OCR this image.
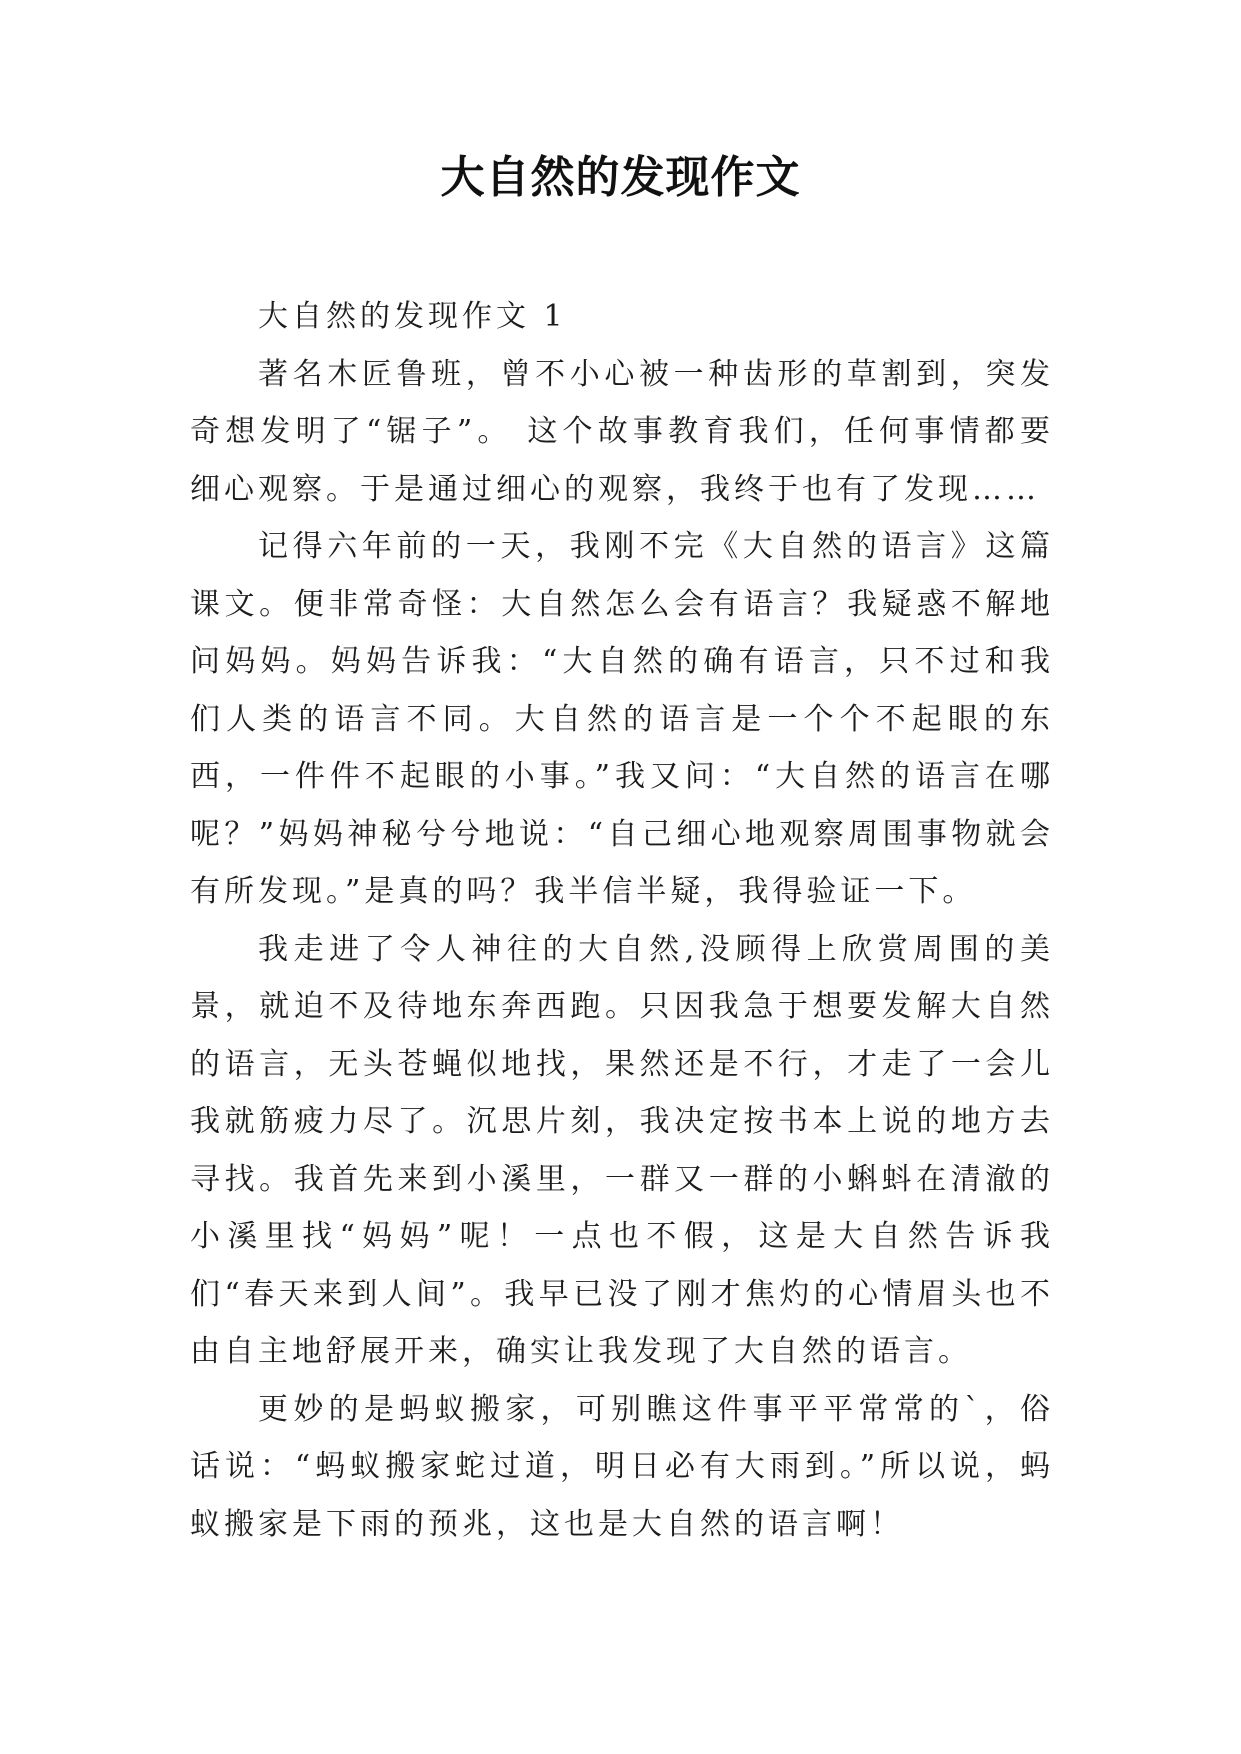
大自然的发现作文

大自然的发现作文 1

著名木匠鲁班，曾不小心被一种齿形的草割到，突发奇想发明了“锯子”。 这个故事教育我们，任何事情都要细心观察。于是通过细心的观察，我终于也有了发现……

记得六年前的一天，我刚不完《大自然的语言》这篇课文。便非常奇怪：大自然怎么会有语言？我疑惑不解地问妈妈。妈妈告诉我：“大自然的确有语言，只不过和我们人类的语言不同。大自然的语言是一个个不起眼的东西，一件件不起眼的小事。”我又问：“大自然的语言在哪呢？”妈妈神秘兮兮地说：“自己细心地观察周围事物就会有所发现。”是真的吗？我半信半疑，我得验证一下。

我走进了令人神往的大自然,没顾得上欣赏周围的美景，就迫不及待地东奔西跑。只因我急于想要发解大自然的语言，无头苍蝇似地找，果然还是不行，才走了一会儿我就筋疲力尽了。沉思片刻，我决定按书本上说的地方去寻找。我首先来到小溪里，一群又一群的小蝌蚪在清澈的小溪里找“妈妈”呢！一点也不假，这是大自然告诉我们“春天来到人间”。我早已没了刚才焦灼的心情眉头也不由自主地舒展开来，确实让我发现了大自然的语言。

更妙的是蚂蚁搬家，可别瞧这件事平平常常的`，俗话说：“蚂蚁搬家蛇过道，明日必有大雨到。”所以说，蚂蚁搬家是下雨的预兆，这也是大自然的语言啊！
